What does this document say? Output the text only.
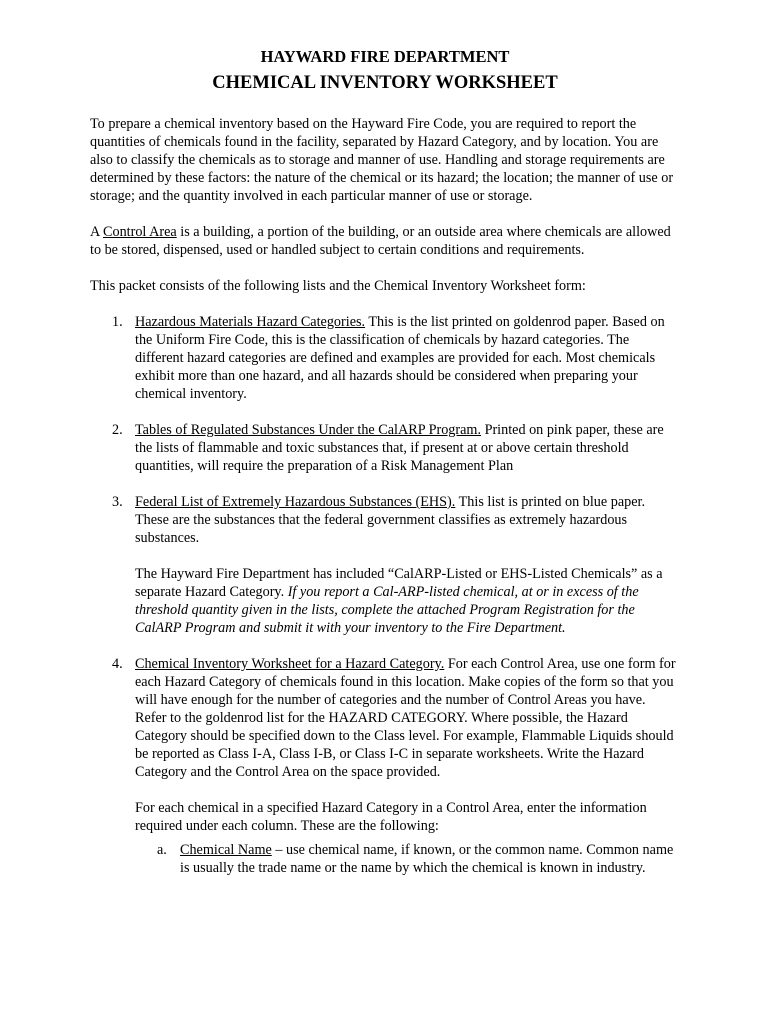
HAYWARD FIRE DEPARTMENT

CHEMICAL INVENTORY WORKSHEET

To prepare a chemical inventory based on the Hayward Fire Code, you are required to report the quantities of chemicals found in the facility, separated by Hazard Category, and by location. You are also to classify the chemicals as to storage and manner of use. Handling and storage requirements are determined by these factors: the nature of the chemical or its hazard; the location; the manner of use or storage; and the quantity involved in each particular manner of use or storage.

A Control Area is a building, a portion of the building, or an outside area where chemicals are allowed to be stored, dispensed, used or handled subject to certain conditions and requirements.

This packet consists of the following lists and the Chemical Inventory Worksheet form:

1. Hazardous Materials Hazard Categories. This is the list printed on goldenrod paper. Based on the Uniform Fire Code, this is the classification of chemicals by hazard categories. The different hazard categories are defined and examples are provided for each. Most chemicals exhibit more than one hazard, and all hazards should be considered when preparing your chemical inventory.

2. Tables of Regulated Substances Under the CalARP Program. Printed on pink paper, these are the lists of flammable and toxic substances that, if present at or above certain threshold quantities, will require the preparation of a Risk Management Plan

3. Federal List of Extremely Hazardous Substances (EHS). This list is printed on blue paper. These are the substances that the federal government classifies as extremely hazardous substances.

The Hayward Fire Department has included “CalARP-Listed or EHS-Listed Chemicals” as a separate Hazard Category. If you report a Cal-ARP-listed chemical, at or in excess of the threshold quantity given in the lists, complete the attached Program Registration for the CalARP Program and submit it with your inventory to the Fire Department.

4. Chemical Inventory Worksheet for a Hazard Category. For each Control Area, use one form for each Hazard Category of chemicals found in this location. Make copies of the form so that you will have enough for the number of categories and the number of Control Areas you have. Refer to the goldenrod list for the HAZARD CATEGORY. Where possible, the Hazard Category should be specified down to the Class level. For example, Flammable Liquids should be reported as Class I-A, Class I-B, or Class I-C in separate worksheets. Write the Hazard Category and the Control Area on the space provided.

For each chemical in a specified Hazard Category in a Control Area, enter the information required under each column. These are the following:

a. Chemical Name – use chemical name, if known, or the common name. Common name is usually the trade name or the name by which the chemical is known in industry.
